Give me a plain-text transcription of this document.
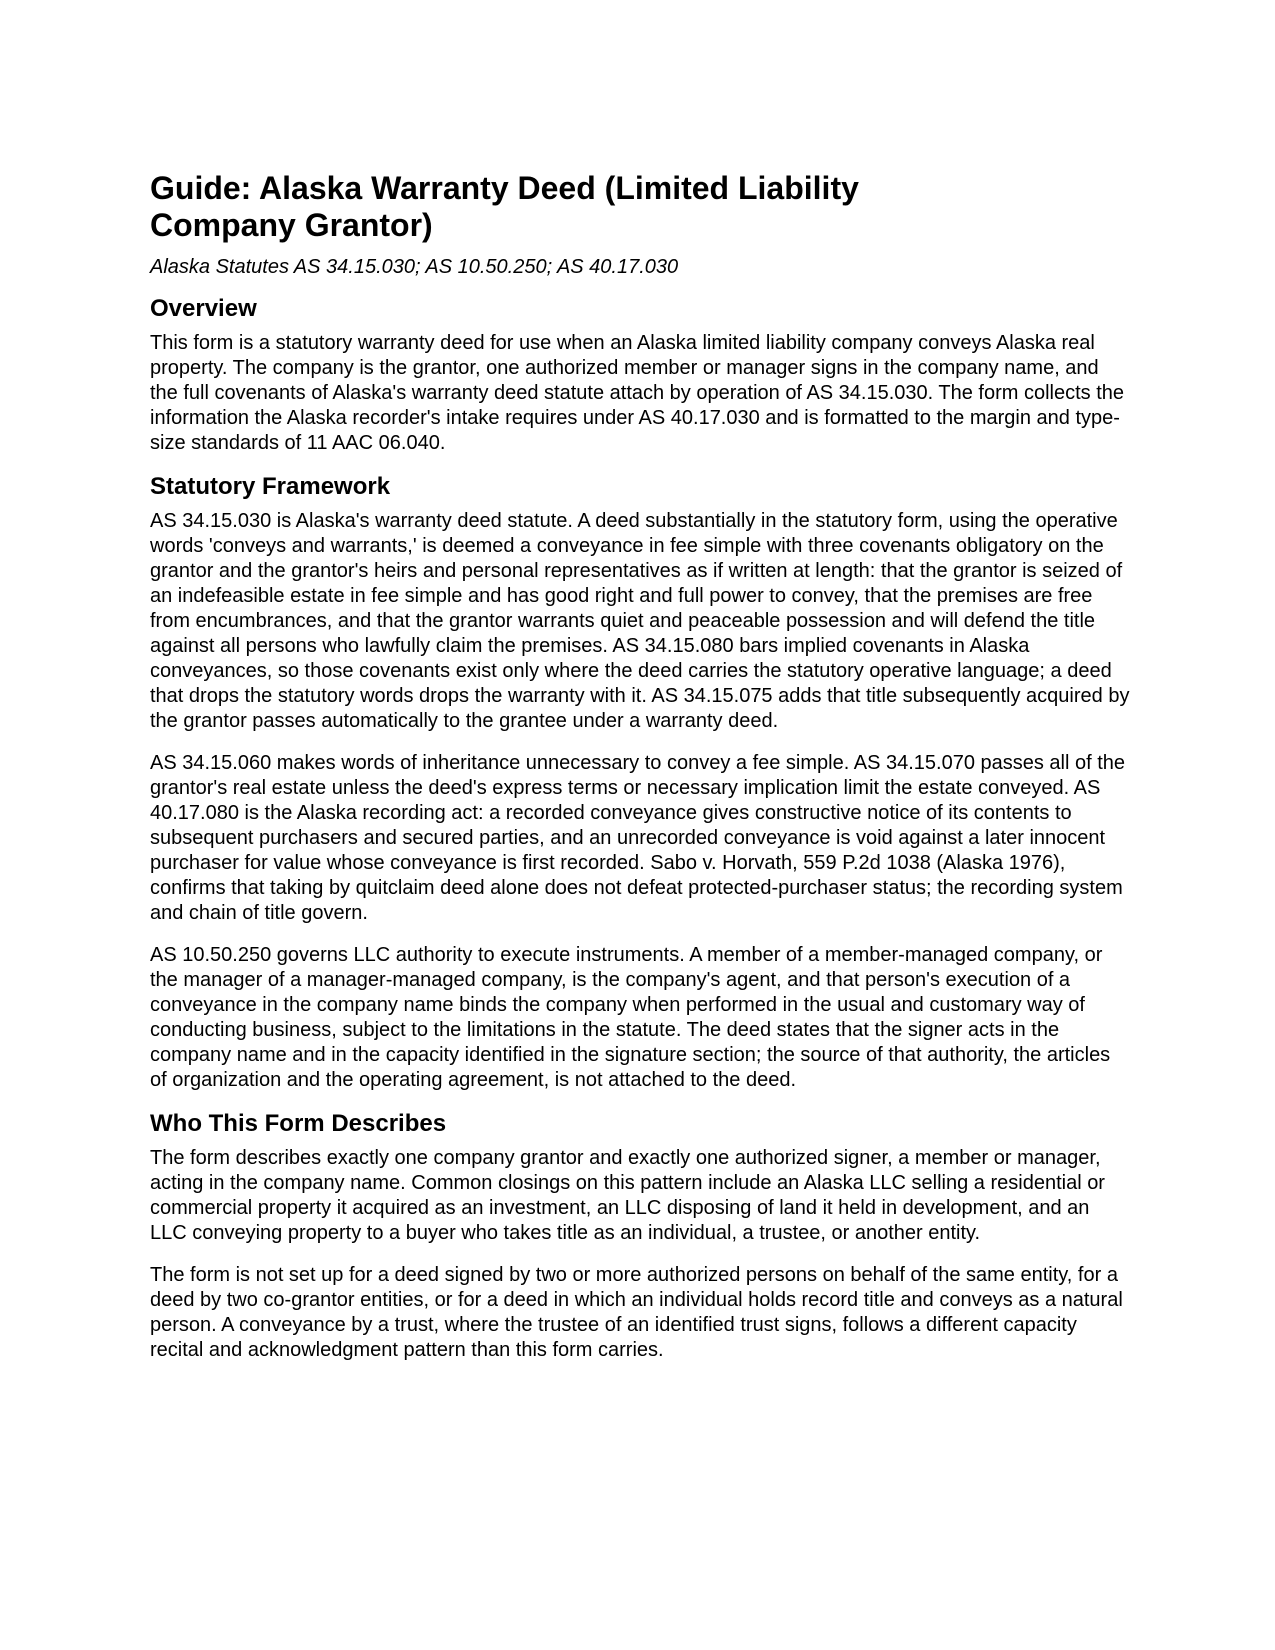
Guide: Alaska Warranty Deed (Limited Liability Company Grantor)
Alaska Statutes AS 34.15.030; AS 10.50.250; AS 40.17.030
Overview

This form is a statutory warranty deed for use when an Alaska limited liability company conveys Alaska real property. The company is the grantor, one authorized member or manager signs in the company name, and the full covenants of Alaska's warranty deed statute attach by operation of AS 34.15.030. The form collects the information the Alaska recorder's intake requires under AS 40.17.030 and is formatted to the margin and type-size standards of 11 AAC 06.040.

Statutory Framework

AS 34.15.030 is Alaska's warranty deed statute. A deed substantially in the statutory form, using the operative words 'conveys and warrants,' is deemed a conveyance in fee simple with three covenants obligatory on the grantor and the grantor's heirs and personal representatives as if written at length: that the grantor is seized of an indefeasible estate in fee simple and has good right and full power to convey, that the premises are free from encumbrances, and that the grantor warrants quiet and peaceable possession and will defend the title against all persons who lawfully claim the premises. AS 34.15.080 bars implied covenants in Alaska conveyances, so those covenants exist only where the deed carries the statutory operative language; a deed that drops the statutory words drops the warranty with it. AS 34.15.075 adds that title subsequently acquired by the grantor passes automatically to the grantee under a warranty deed.

AS 34.15.060 makes words of inheritance unnecessary to convey a fee simple. AS 34.15.070 passes all of the grantor's real estate unless the deed's express terms or necessary implication limit the estate conveyed. AS 40.17.080 is the Alaska recording act: a recorded conveyance gives constructive notice of its contents to subsequent purchasers and secured parties, and an unrecorded conveyance is void against a later innocent purchaser for value whose conveyance is first recorded. Sabo v. Horvath, 559 P.2d 1038 (Alaska 1976), confirms that taking by quitclaim deed alone does not defeat protected-purchaser status; the recording system and chain of title govern.

AS 10.50.250 governs LLC authority to execute instruments. A member of a member-managed company, or the manager of a manager-managed company, is the company's agent, and that person's execution of a conveyance in the company name binds the company when performed in the usual and customary way of conducting business, subject to the limitations in the statute. The deed states that the signer acts in the company name and in the capacity identified in the signature section; the source of that authority, the articles of organization and the operating agreement, is not attached to the deed.

Who This Form Describes

The form describes exactly one company grantor and exactly one authorized signer, a member or manager, acting in the company name. Common closings on this pattern include an Alaska LLC selling a residential or commercial property it acquired as an investment, an LLC disposing of land it held in development, and an LLC conveying property to a buyer who takes title as an individual, a trustee, or another entity.

The form is not set up for a deed signed by two or more authorized persons on behalf of the same entity, for a deed by two co-grantor entities, or for a deed in which an individual holds record title and conveys as a natural person. A conveyance by a trust, where the trustee of an identified trust signs, follows a different capacity recital and acknowledgment pattern than this form carries.
